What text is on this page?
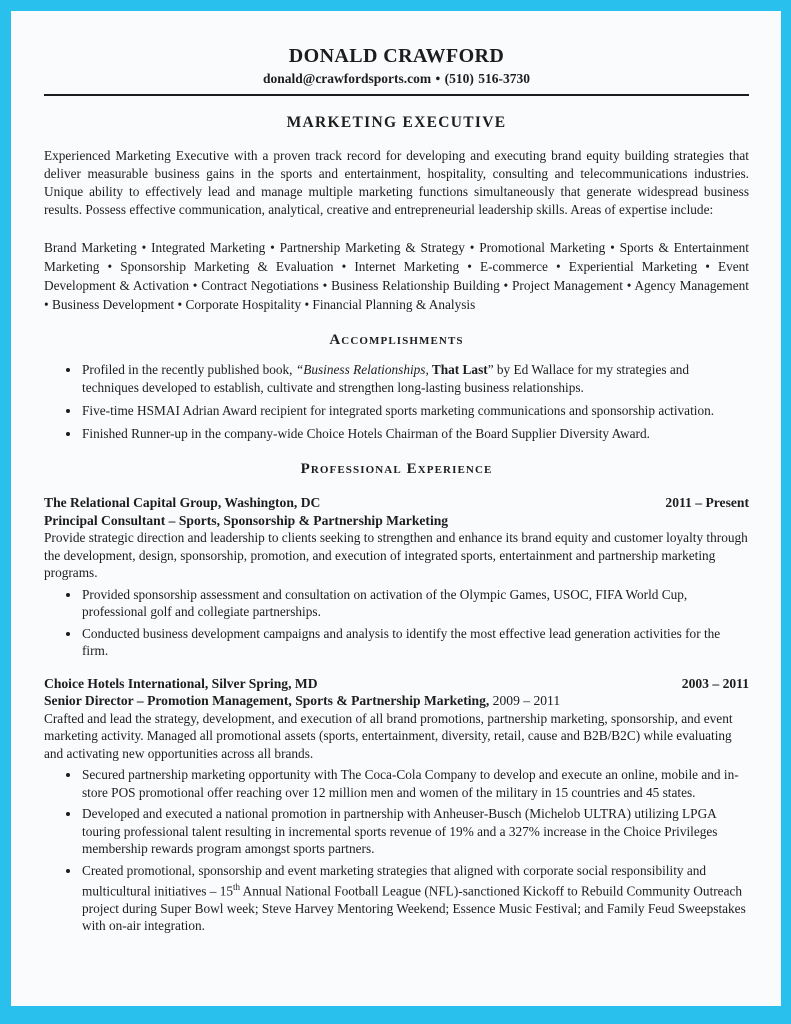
DONALD CRAWFORD
donald@crawfordsports.com • (510) 516-3730
MARKETING EXECUTIVE

Experienced Marketing Executive with a proven track record for developing and executing brand equity building strategies that deliver measurable business gains in the sports and entertainment, hospitality, consulting and telecommunications industries. Unique ability to effectively lead and manage multiple marketing functions simultaneously that generate widespread business results. Possess effective communication, analytical, creative and entrepreneurial leadership skills. Areas of expertise include:

Brand Marketing • Integrated Marketing • Partnership Marketing & Strategy • Promotional Marketing • Sports & Entertainment Marketing • Sponsorship Marketing & Evaluation • Internet Marketing • E-commerce • Experiential Marketing • Event Development & Activation • Contract Negotiations • Business Relationship Building • Project Management • Agency Management • Business Development • Corporate Hospitality • Financial Planning & Analysis

Accomplishments
• Profiled in the recently published book, “Business Relationships, That Last” by Ed Wallace for my strategies and techniques developed to establish, cultivate and strengthen long-lasting business relationships.
• Five-time HSMAI Adrian Award recipient for integrated sports marketing communications and sponsorship activation.
• Finished Runner-up in the company-wide Choice Hotels Chairman of the Board Supplier Diversity Award.
Professional Experience
The Relational Capital Group, Washington, DC	2011 – Present
Principal Consultant – Sports, Sponsorship & Partnership Marketing
Provide strategic direction and leadership to clients seeking to strengthen and enhance its brand equity and customer loyalty through the development, design, sponsorship, promotion, and execution of integrated sports, entertainment and partnership marketing programs.
• Provided sponsorship assessment and consultation on activation of the Olympic Games, USOC, FIFA World Cup, professional golf and collegiate partnerships.
• Conducted business development campaigns and analysis to identify the most effective lead generation activities for the firm.
Choice Hotels International, Silver Spring, MD	2003 – 2011
Senior Director – Promotion Management, Sports & Partnership Marketing, 2009 – 2011
Crafted and lead the strategy, development, and execution of all brand promotions, partnership marketing, sponsorship, and event marketing activity. Managed all promotional assets (sports, entertainment, diversity, retail, cause and B2B/B2C) while evaluating and activating new opportunities across all brands.
• Secured partnership marketing opportunity with The Coca-Cola Company to develop and execute an online, mobile and in-store POS promotional offer reaching over 12 million men and women of the military in 15 countries and 45 states.
• Developed and executed a national promotion in partnership with Anheuser-Busch (Michelob ULTRA) utilizing LPGA touring professional talent resulting in incremental sports revenue of 19% and a 327% increase in the Choice Privileges membership rewards program amongst sports partners.
• Created promotional, sponsorship and event marketing strategies that aligned with corporate social responsibility and multicultural initiatives – 15th Annual National Football League (NFL)-sanctioned Kickoff to Rebuild Community Outreach project during Super Bowl week; Steve Harvey Mentoring Weekend; Essence Music Festival; and Family Feud Sweepstakes with on-air integration.
